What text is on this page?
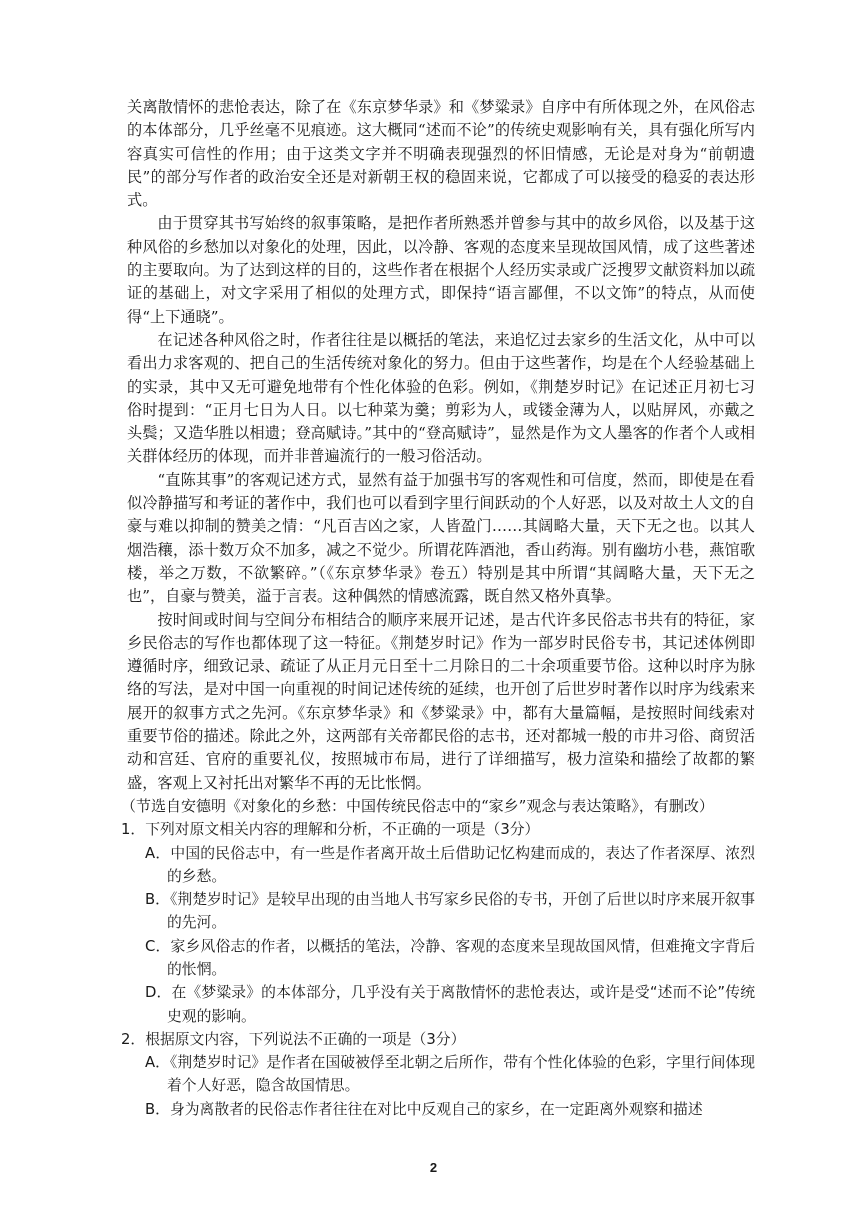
关离散情怀的悲怆表达，除了在《东京梦华录》和《梦粱录》自序中有所体现之外，在风俗志的本体部分，几乎丝毫不见痕迹。这大概同“述而不论”的传统史观影响有关，具有强化所写内容真实可信性的作用；由于这类文字并不明确表现强烈的怀旧情感，无论是对身为“前朝遗民”的部分写作者的政治安全还是对新朝王权的稳固来说，它都成了可以接受的稳妥的表达形式。

由于贯穿其书写始终的叙事策略，是把作者所熟悉并曾参与其中的故乡风俗，以及基于这种风俗的乡愁加以对象化的处理，因此，以冷静、客观的态度来呈现故国风情，成了这些著述的主要取向。为了达到这样的目的，这些作者在根据个人经历实录或广泛搜罗文献资料加以疏证的基础上，对文字采用了相似的处理方式，即保持“语言鄙俚，不以文饰”的特点，从而使得“上下通晓”。

在记述各种风俗之时，作者往往是以概括的笔法，来追忆过去家乡的生活文化，从中可以看出力求客观的、把自己的生活传统对象化的努力。但由于这些著作，均是在个人经验基础上的实录，其中又无可避免地带有个性化体验的色彩。例如，《荆楚岁时记》在记述正月初七习俗时提到：“正月七日为人日。以七种菜为羹；剪彩为人，或镂金薄为人，以贴屏风，亦戴之头鬓；又造华胜以相遗；登高赋诗。”其中的“登高赋诗”，显然是作为文人墨客的作者个人或相关群体经历的体现，而并非普遍流行的一般习俗活动。

“直陈其事”的客观记述方式，显然有益于加强书写的客观性和可信度，然而，即使是在看似冷静描写和考证的著作中，我们也可以看到字里行间跃动的个人好恶，以及对故土人文的自豪与难以抑制的赞美之情：“凡百吉凶之家，人皆盈门……其阔略大量，天下无之也。以其人烟浩穰，添十数万众不加多，减之不觉少。所谓花阵酒池，香山药海。别有幽坊小巷，燕馆歌楼，举之万数，不欲繁碎。”（《东京梦华录》卷五）特别是其中所谓“其阔略大量，天下无之也”，自豪与赞美，溢于言表。这种偶然的情感流露，既自然又格外真挚。

按时间或时间与空间分布相结合的顺序来展开记述，是古代许多民俗志书共有的特征，家乡民俗志的写作也都体现了这一特征。《荆楚岁时记》作为一部岁时民俗专书，其记述体例即遵循时序，细致记录、疏证了从正月元日至十二月除日的二十余项重要节俗。这种以时序为脉络的写法，是对中国一向重视的时间记述传统的延续，也开创了后世岁时著作以时序为线索来展开的叙事方式之先河。《东京梦华录》和《梦粱录》中，都有大量篇幅，是按照时间线索对重要节俗的描述。除此之外，这两部有关帝都民俗的志书，还对都城一般的市井习俗、商贸活动和宫廷、官府的重要礼仪，按照城市布局，进行了详细描写，极力渲染和描绘了故都的繁盛，客观上又衬托出对繁华不再的无比怅惘。

（节选自安德明《对象化的乡愁：中国传统民俗志中的“家乡”观念与表达策略》，有删改）

1．下列对原文相关内容的理解和分析，不正确的一项是（3分）

A．中国的民俗志中，有一些是作者离开故土后借助记忆构建而成的，表达了作者深厚、浓烈的乡愁。

B．《荆楚岁时记》是较早出现的由当地人书写家乡民俗的专书，开创了后世以时序来展开叙事的先河。

C．家乡风俗志的作者，以概括的笔法，冷静、客观的态度来呈现故国风情，但难掩文字背后的怅惘。

D．在《梦粱录》的本体部分，几乎没有关于离散情怀的悲怆表达，或许是受“述而不论”传统史观的影响。

2．根据原文内容，下列说法不正确的一项是（3分）

A．《荆楚岁时记》是作者在国破被俘至北朝之后所作，带有个性化体验的色彩，字里行间体现着个人好恶，隐含故国情思。

B．身为离散者的民俗志作者往往在对比中反观自己的家乡，在一定距离外观察和描述

2
